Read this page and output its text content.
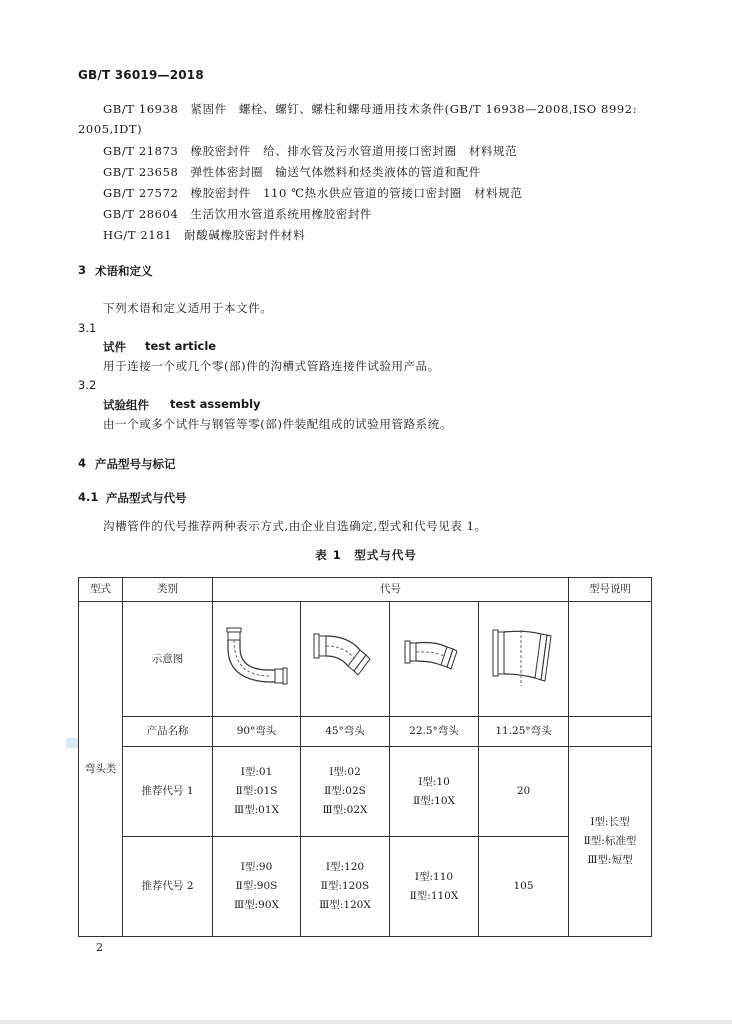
GB/T 36019—2018
GB/T 16938　紧固件　螺栓、螺钉、螺柱和螺母通用技术条件(GB/T 16938—2008,ISO 8992:
2005,IDT)
GB/T 21873　橡胶密封件　给、排水管及污水管道用接口密封圈　材料规范
GB/T 23658　弹性体密封圈　输送气体燃料和烃类液体的管道和配件
GB/T 27572　橡胶密封件　110 ℃热水供应管道的管接口密封圈　材料规范
GB/T 28604　生活饮用水管道系统用橡胶密封件
HG/T 2181　耐酸碱橡胶密封件材料
3 术语和定义
下列术语和定义适用于本文件。
3.1
试件 test article
用于连接一个或几个零(部)件的沟槽式管路连接件试验用产品。
3.2
试验组件 test assembly
由一个或多个试件与钢管等零(部)件装配组成的试验用管路系统。
4 产品型号与标记
4.1 产品型式与代号
沟槽管件的代号推荐两种表示方式,由企业自选确定,型式和代号见表 1。
表 1　型式与代号
型式	类别	代号				型号说明
弯头类	示意图	

	产品名称	90°弯头	45°弯头	22.5°弯头	11.25°弯头	
	推荐代号 1	Ⅰ型:01
Ⅱ型:01S
Ⅲ型:01X	Ⅰ型:02
Ⅱ型:02S
Ⅲ型:02X	Ⅰ型:10
Ⅱ型:10X	20	Ⅰ型:长型
Ⅱ型:标准型
Ⅲ型:短型

	推荐代号 2	Ⅰ型:90
Ⅱ型:90S
Ⅲ型:90X	Ⅰ型:120
Ⅱ型:120S
Ⅲ型:120X	Ⅰ型:110
Ⅱ型:110X	105	
2
